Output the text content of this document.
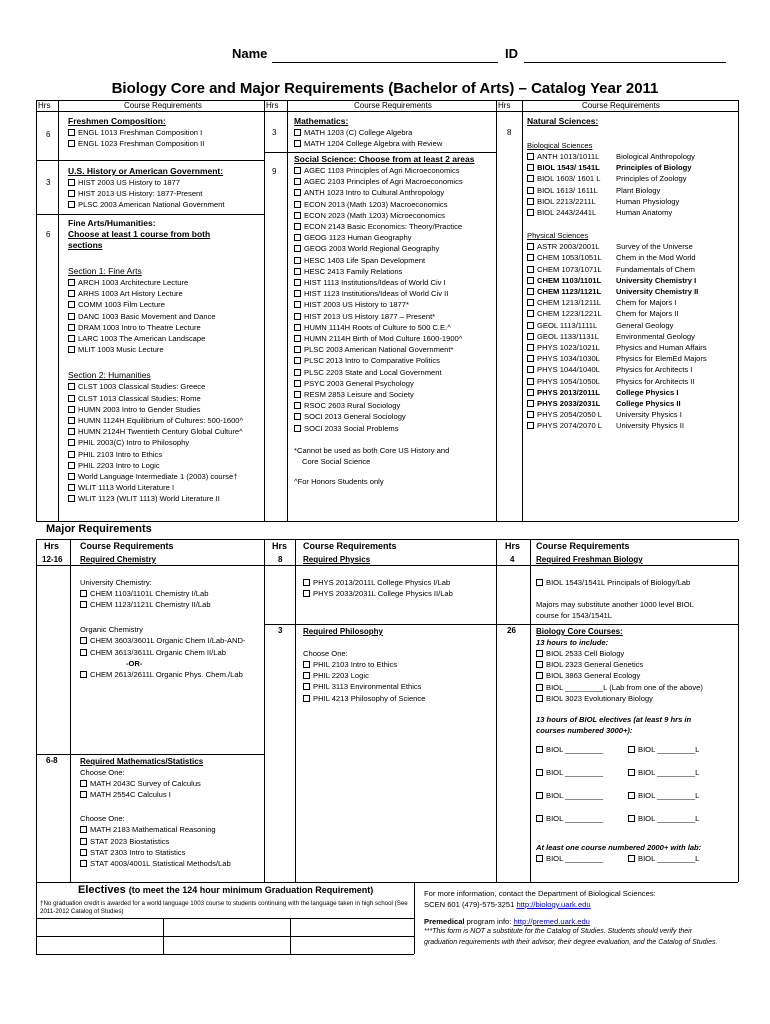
Name	ID
Biology Core and Major Requirements (Bachelor of Arts) – Catalog Year 2011
Hrs	Course Requirements	Hrs	Course Requirements	Hrs	Course Requirements
6
Freshmen Composition:
ENGL 1013 Freshman Composition I
ENGL 1023 Freshman Composition II
3
U.S. History or American Government:
HIST 2003 US History to 1877
HIST 2013 US History: 1877-Present
PLSC 2003 American National Government
6
Fine Arts/Humanities:
Choose at least 1 course from both
sections
Section 1: Fine Arts
ARCH 1003 Architecture Lecture
ARHS 1003 Art History Lecture
COMM 1003 Film Lecture
DANC 1003 Basic Movement and Dance
DRAM 1003 Intro to Theatre Lecture
LARC 1003 The American Landscape
MLIT 1003 Music Lecture
Section 2: Humanities
CLST 1003 Classical Studies: Greece
CLST 1013 Classical Studies: Rome
HUMN 2003 Intro to Gender Studies
HUMN 1124H Equilibrium of Cultures: 500-1600^
HUMN 2124H Twentieth Century Global Culture^
PHIL 2003(C) Intro to Philosophy
PHIL 2103 Intro to Ethics
PHIL 2203 Intro to Logic
World Language Intermediate 1 (2003) course†
WLIT 1113 World Literature I
WLIT 1123 (WLIT 1113) World Literature II
3
Mathematics:
MATH 1203 (C) College Algebra
MATH 1204 College Algebra with Review
9
Social Science: Choose from at least 2 areas
AGEC 1103 Principles of Agri Microeconomics
AGEC 2103 Principles of Agri Macroeconomics
ANTH 1023 Intro to Cultural Anthropology
ECON 2013 (Math 1203) Macroeconomics
ECON 2023 (Math 1203) Microeconomics
ECON 2143 Basic Economics: Theory/Practice
GEOG 1123 Human Geography
GEOG 2003 World Regional Geography
HESC 1403 Life Span Development
HESC 2413 Family Relations
HIST 1113 Institutions/Ideas of World Civ I
HIST 1123 Institutions/Ideas of World Civ II
HIST 2003 US History to 1877*
HIST 2013 US History 1877 – Present*
HUMN 1114H Roots of Culture to 500 C.E.^
HUMN 2114H Birth of Mod Culture 1600-1900^
PLSC 2003 American National Government*
PLSC 2013 Intro to Comparative Politics
PLSC 2203 State and Local Government
PSYC 2003 General Psychology
RESM 2853 Leisure and Society
RSOC 2603 Rural Sociology
SOCI 2013 General Sociology
SOCI 2033 Social Problems
*Cannot be used as both Core US History and
Core Social Science
^For Honors Students only
8
Natural Sciences:
Biological Sciences
ANTH 1013/1011L Biological Anthropology
BIOL 1543/ 1541L Principles of Biology
BIOL 1603/ 1601 L Principles of Zoology
BIOL 1613/ 1611L Plant Biology
BIOL 2213/2211L	Human Physiology
BIOL 2443/2441L	Human Anatomy
Physical Sciences
ASTR 2003/2001L Survey of the Universe
CHEM 1053/1051L Chem in the Mod World
CHEM 1073/1071L Fundamentals of Chem
CHEM 1103/1101L University Chemistry I
CHEM 1123/1121L University Chemistry II
CHEM 1213/1211L Chem for Majors I
CHEM 1223/1221L Chem for Majors II
GEOL 1113/1111L General Geology
GEOL 1133/1131L Environmental Geology
PHYS 1023/1021L Physics and Human Affairs
PHYS 1034/1030L Physics for ElemEd Majors
PHYS 1044/1040L Physics for Architects I
PHYS 1054/1050L Physics for Architects II
PHYS 2013/2011L College Physics I
PHYS 2033/2031L College Physics II
PHYS 2054/2050 L University Physics I
PHYS 2074/2070 L University Physics II
Major Requirements
Hrs Course Requirements	Hrs Course Requirements	Hrs Course Requirements
12-16 Required Chemistry
University Chemistry:
CHEM 1103/1101L Chemistry I/Lab
CHEM 1123/1121L Chemistry II/Lab
Organic Chemistry
CHEM 3603/3601L Organic Chem I/Lab-AND-
CHEM 3613/3611L Organic Chem II/Lab
-OR-
CHEM 2613/2611L Organic Phys. Chem./Lab
6-8	Required Mathematics/Statistics
Choose One:
MATH 2043C Survey of Calculus
MATH 2554C Calculus I
Choose One:
MATH 2183 Mathematical Reasoning
STAT 2023 Biostatistics
STAT 2303 Intro to Statistics
STAT 4003/4001L Statistical Methods/Lab
8	Required Physics
PHYS 2013/2011L College Physics I/Lab
PHYS 2033/2031L College Physics II/Lab
3	Required Philosophy
Choose One:
PHIL 2103 Intro to Ethics
PHIL 2203 Logic
PHIL 3113 Environmental Ethics
PHIL 4213 Philosophy of Science
4	Required Freshman Biology
BIOL 1543/1541L Principals of Biology/Lab
Majors may substitute another 1000 level BIOL
course for 1543/1541L
26	Biology Core Courses:
13 hours to include:
BIOL 2533 Cell Biology
BIOL 2323 General Genetics
BIOL 3863 General Ecology
BIOL _________L (Lab from one of the above)
BIOL 3023 Evolutionary Biology
13 hours of BIOL electives (at least 9 hrs in
courses numbered 3000+):
BIOL _________	BIOL _________L
BIOL _________	BIOL _________L
BIOL _________	BIOL _________L
BIOL _________	BIOL _________L
At least one course numbered 2000+ with lab:
BIOL _________	BIOL _________L
Electives (to meet the 124 hour minimum Graduation Requirement)
†No graduation credit is awarded for a world language 1003 course to students continuing with the language taken in high school (See 2011-2012 Catalog of Studies)
For more information, contact the Department of Biological Sciences:
SCEN 601 (479)-575-3251 http://biology.uark.edu
Premedical program info: http://premed.uark.edu
***This form is NOT a substitute for the Catalog of Studies. Students should verify their graduation requirements with their advisor, their degree evaluation, and the Catalog of Studies.
